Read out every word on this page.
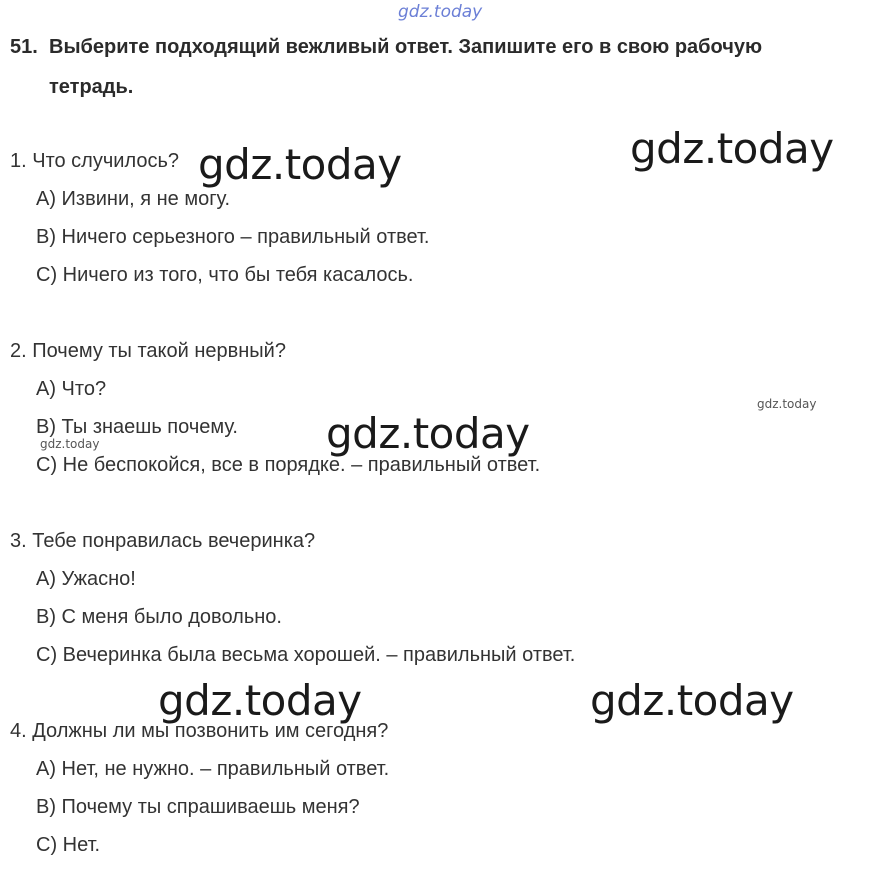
gdz.today
51. Выберите подходящий вежливый ответ. Запишите его в свою рабочую
тетрадь.
1. Что случилось?
A) Извини, я не могу.
B) Ничего серьезного – правильный ответ.
C) Ничего из того, что бы тебя касалось.
2. Почему ты такой нервный?
A) Что?
B) Ты знаешь почему.
C) Не беспокойся, все в порядке. – правильный ответ.
3. Тебе понравилась вечеринка?
A) Ужасно!
B) С меня было довольно.
C) Вечеринка была весьма хорошей. – правильный ответ.
4. Должны ли мы позвонить им сегодня?
A) Нет, не нужно. – правильный ответ.
B) Почему ты спрашиваешь меня?
C) Нет.
gdz.today	gdz.today
gdz.today
gdz.today	gdz.today
gdz.today	gdz.today
